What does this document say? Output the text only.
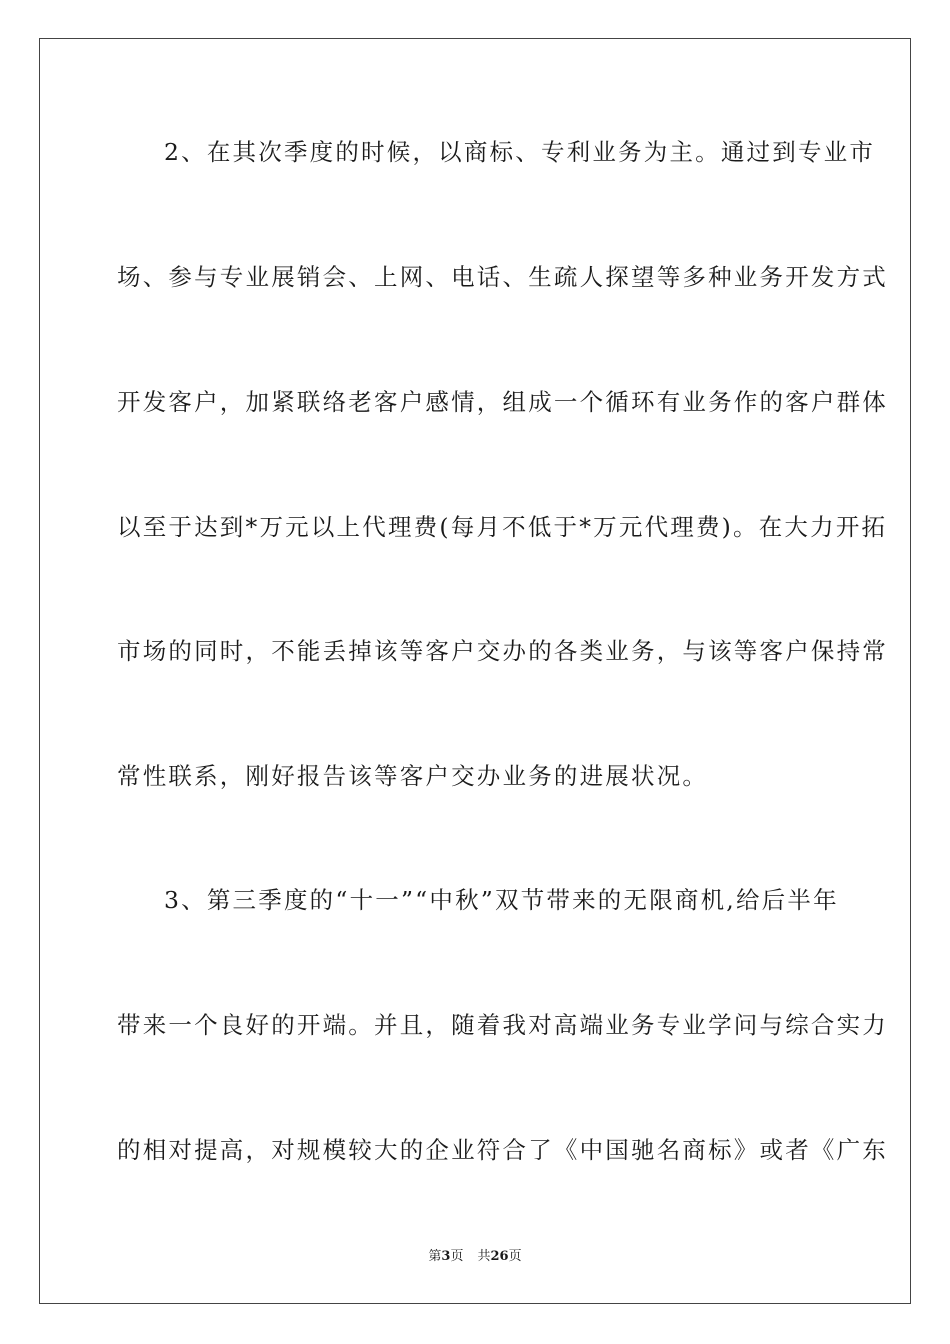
2、在其次季度的时候，以商标、专利业务为主。通过到专业市
场、参与专业展销会、上网、电话、生疏人探望等多种业务开发方式
开发客户，加紧联络老客户感情，组成一个循环有业务作的客户群体
以至于达到*万元以上代理费(每月不低于*万元代理费)。在大力开拓
市场的同时，不能丢掉该等客户交办的各类业务，与该等客户保持常
常性联系，刚好报告该等客户交办业务的进展状况。
3、第三季度的“十一”“中秋”双节带来的无限商机,给后半年
带来一个良好的开端。并且，随着我对高端业务专业学问与综合实力
的相对提高，对规模较大的企业符合了《中国驰名商标》或者《广东
第3页 共26页
